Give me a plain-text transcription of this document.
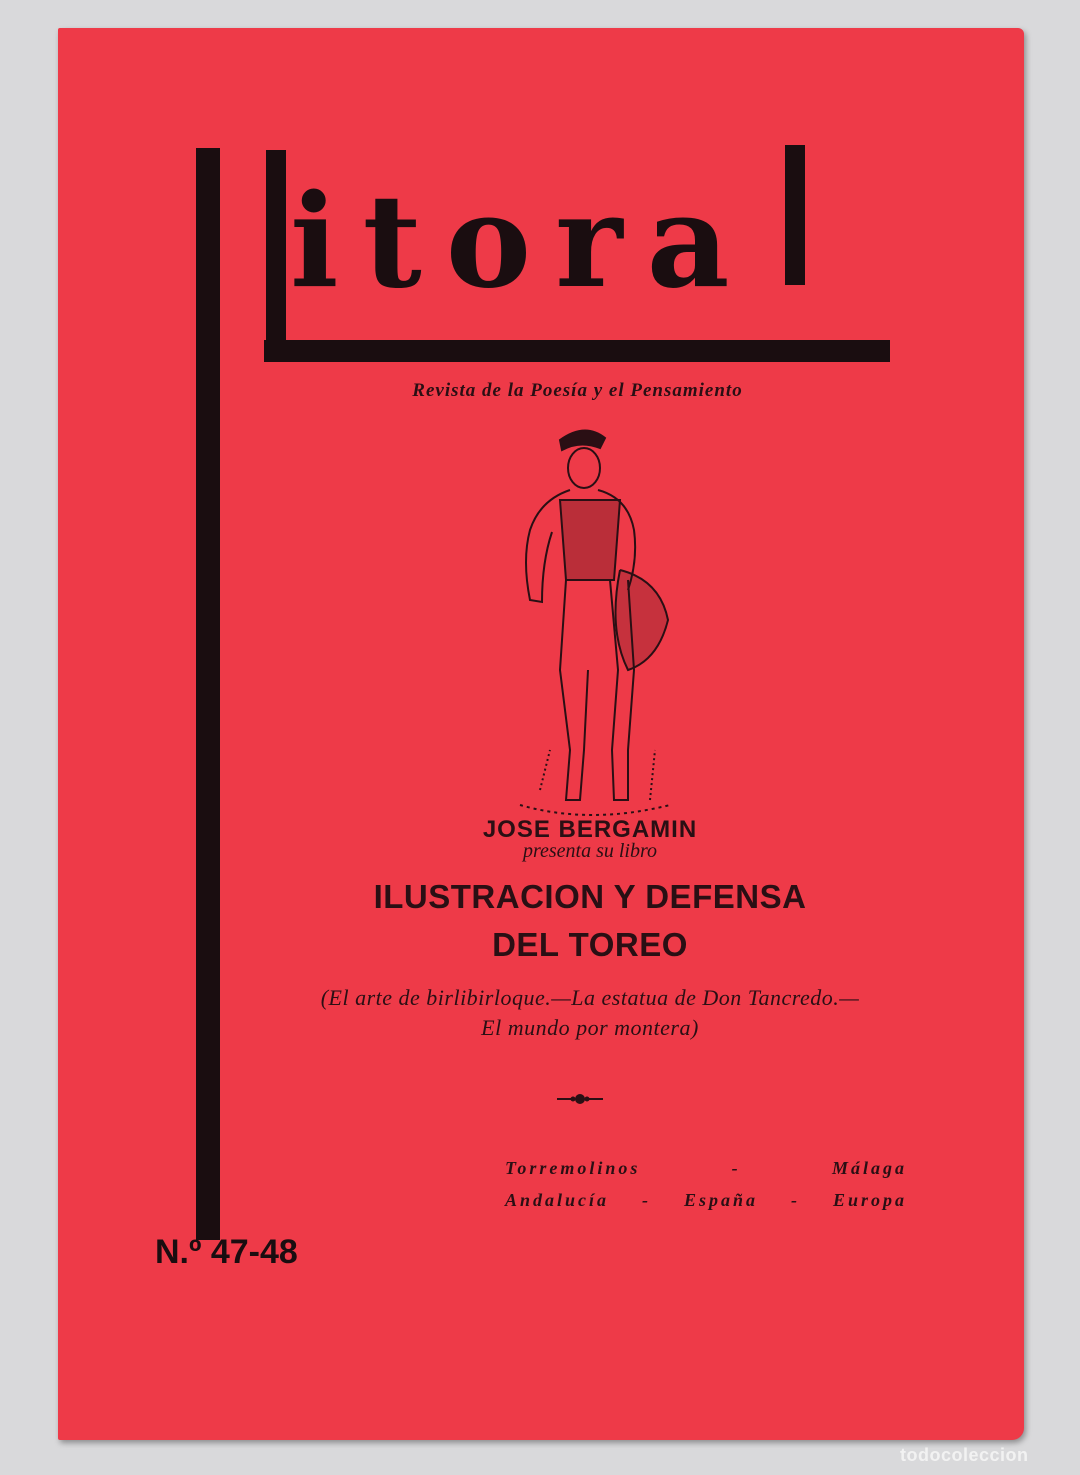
itora
Revista de la Poesía y el Pensamiento
JOSE BERGAMIN
presenta su libro
ILUSTRACION Y DEFENSA
DEL TOREO
(El arte de birlibirloque.—La estatua de Don Tancredo.—
El mundo por montera)
Torremolinos - Málaga
Andalucía - España - Europa
N.º 47-48
todocoleccion
